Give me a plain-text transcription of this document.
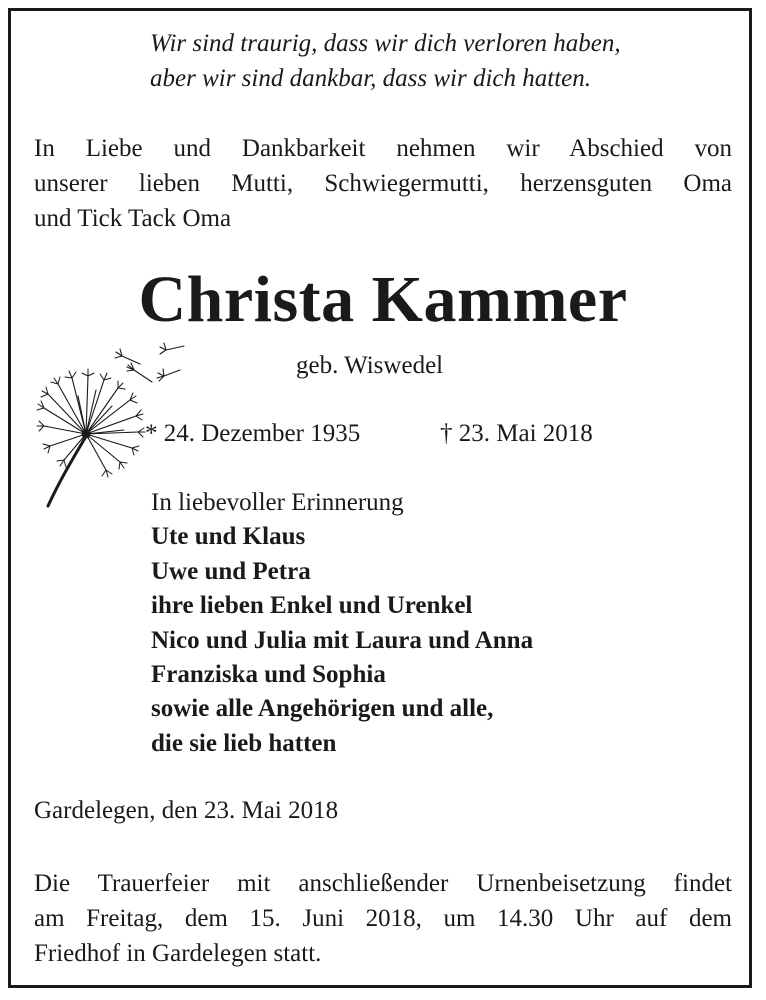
Wir sind traurig, dass wir dich verloren haben,
aber wir sind dankbar, dass wir dich hatten.
In Liebe und Dankbarkeit nehmen wir Abschied von
unserer lieben Mutti, Schwiegermutti, herzensguten Oma
und Tick Tack Oma
Christa Kammer
geb. Wiswedel
* 24. Dezember 1935	† 23. Mai 2018
In liebevoller Erinnerung
Ute und Klaus
Uwe und Petra
ihre lieben Enkel und Urenkel
Nico und Julia mit Laura und Anna
Franziska und Sophia
sowie alle Angehörigen und alle,
die sie lieb hatten
Gardelegen, den 23. Mai 2018
Die Trauerfeier mit anschließender Urnenbeisetzung findet
am Freitag, dem 15. Juni 2018, um 14.30 Uhr auf dem
Friedhof in Gardelegen statt.
